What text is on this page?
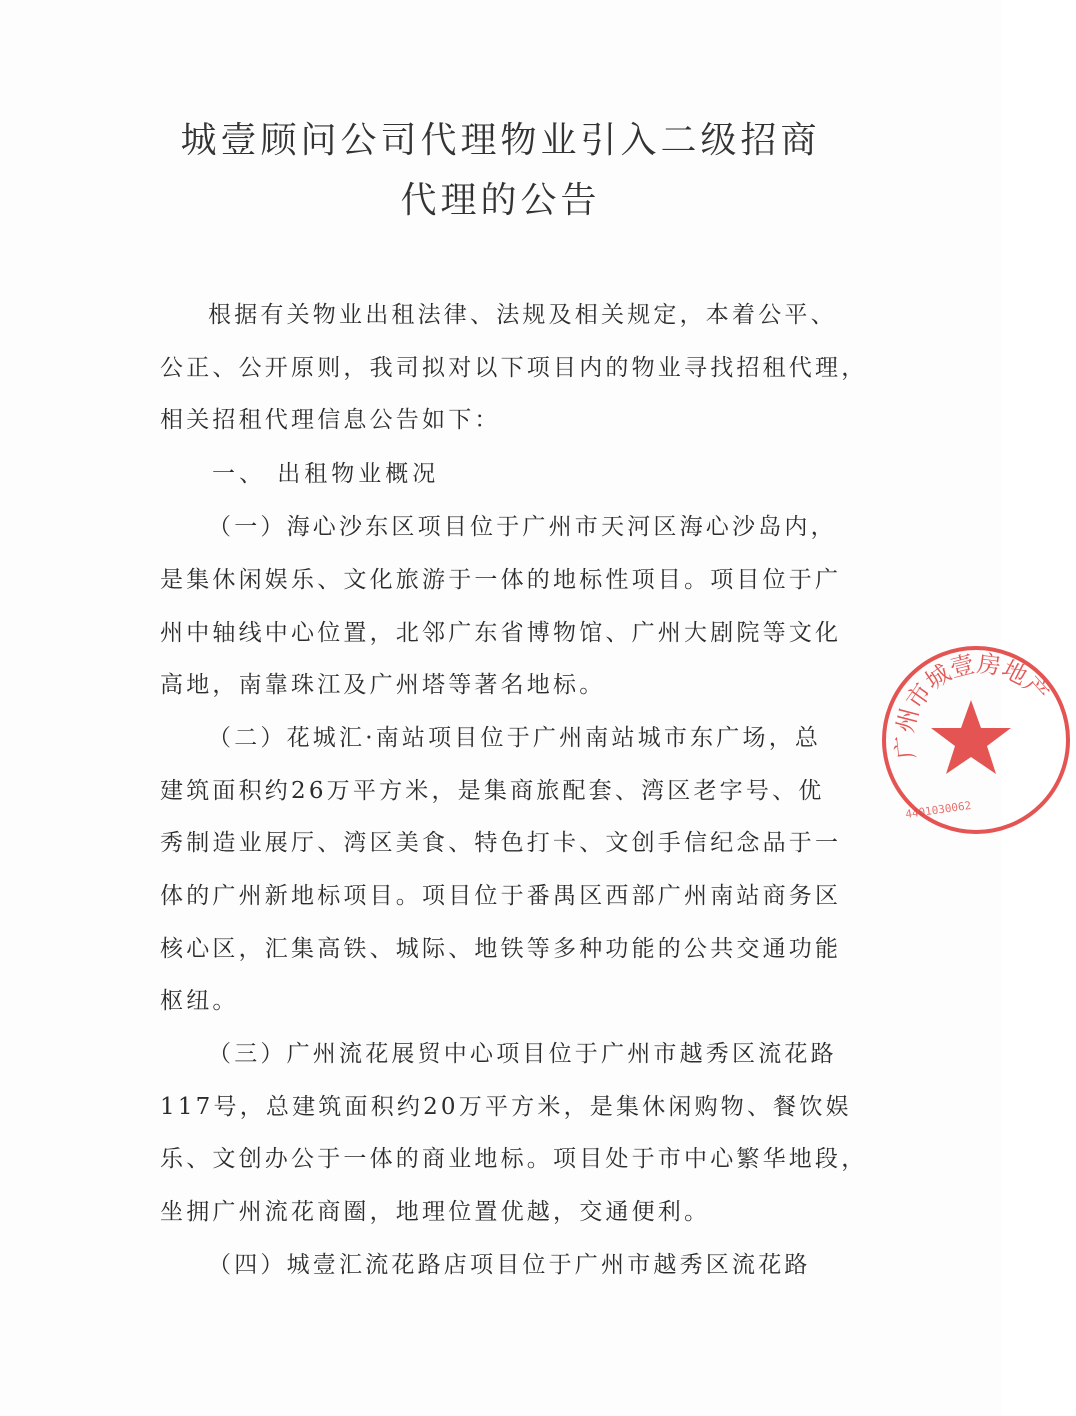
城壹顾问公司代理物业引入二级招商
代理的公告
根据有关物业出租法律、法规及相关规定，本着公平、
公正、公开原则，我司拟对以下项目内的物业寻找招租代理，
相关招租代理信息公告如下：
一、 出租物业概况
（一）海心沙东区项目位于广州市天河区海心沙岛内，
是集休闲娱乐、文化旅游于一体的地标性项目。项目位于广
州中轴线中心位置，北邻广东省博物馆、广州大剧院等文化
高地，南靠珠江及广州塔等著名地标。
（二）花城汇·南站项目位于广州南站城市东广场，总
建筑面积约26万平方米，是集商旅配套、湾区老字号、优
秀制造业展厅、湾区美食、特色打卡、文创手信纪念品于一
体的广州新地标项目。项目位于番禺区西部广州南站商务区
核心区，汇集高铁、城际、地铁等多种功能的公共交通功能
枢纽。
（三）广州流花展贸中心项目位于广州市越秀区流花路
117号，总建筑面积约20万平方米，是集休闲购物、餐饮娱
乐、文创办公于一体的商业地标。项目处于市中心繁华地段，
坐拥广州流花商圈，地理位置优越，交通便利。
（四）城壹汇流花路店项目位于广州市越秀区流花路
广州市城壹房地产
4401030062
